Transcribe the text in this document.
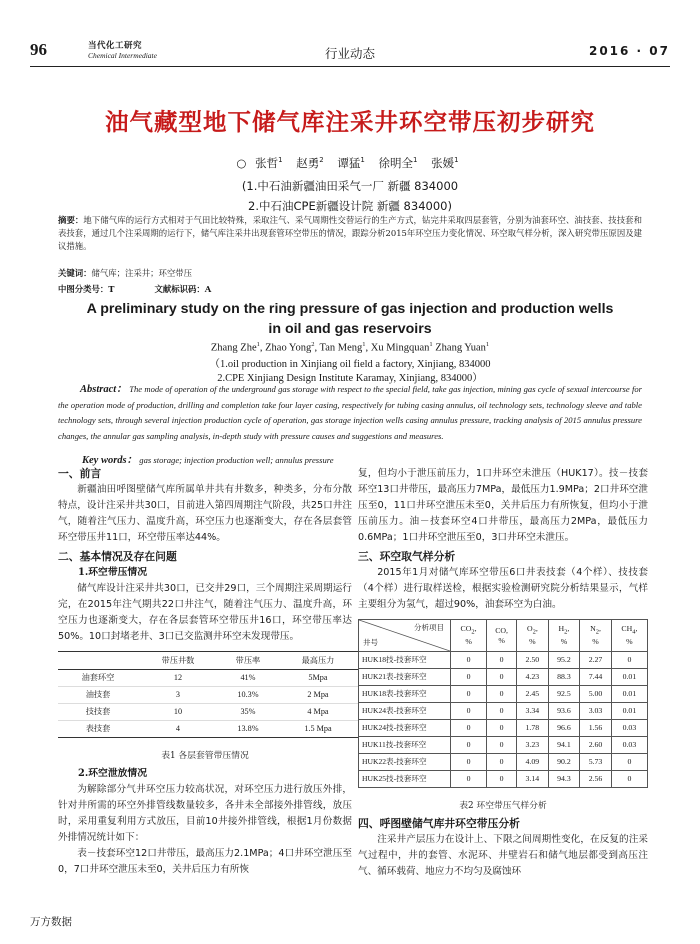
96	当代化工研究
Chemical Intermediate	行业动态	2016 · 07
油气藏型地下储气库注采井环空带压初步研究
○ 张哲$^1$ 赵勇$^2$ 谭猛$^1$ 徐明全$^1$ 张媛$^1$
(1.中石油新疆油田采气一厂 新疆 834000
2.中石油CPE新疆设计院 新疆 834000)
摘要：地下储气库的运行方式相对于气田比较特殊，采取注气、采气周期性交替运行的生产方式，钻完井采取四层套管，分别为油套环空、油技套、技技套和表技套，通过几个注采周期的运行下，储气库注采井出现套管环空带压的情况，跟踪分析2015年环空压力变化情况、环空取气样分析，深入研究带压原因及建议措施。
关键词：储气库；注采井；环空带压
中图分类号：T	文献标识码：A
A preliminary study on the ring pressure of gas injection and production wells
in oil and gas reservoirs
Zhang Zhe$^1$, Zhao Yong$^2$, Tan Meng$^1$, Xu Mingquan$^1$ Zhang Yuan$^1$
（1.oil production in Xinjiang oil field a factory, Xinjiang, 834000
2.CPE Xinjiang Design Institute Karamay, Xinjiang, 834000）
Abstract： The mode of operation of the underground gas storage with respect to the special field, take gas injection, mining gas cycle of sexual intercourse for the operation mode of production, drilling and completion take four layer casing, respectively for tubing casing annulus, oil technology sets, technology sleeve and table technology sets, through several injection production cycle of operation, gas storage injection wells casing annulus pressure, tracking analysis of 2015 annulus pressure changes, the annular gas sampling analysis, in-depth study with pressure causes and suggestions and measures.
Key words： gas storage; injection production well; annulus pressure
一、前言

新疆油田呼图壁储气库所属单井共有井数多，种类多，分布分散特点，设计注采井共30口，目前进入第四周期注气阶段，共25口井注气，随着注气压力、温度升高，环空压力也逐渐变大，存在各层套管环空带压井11口，环空带压率达44%。

二、基本情况及存在问题
1.环空带压情况

储气库设计注采井共30口，已交井29口，三个周期注采周期运行完，在2015年注气期共22口井注气，随着注气压力、温度升高，环空压力也逐渐变大，存在各层套管环空带压井16口，环空带压率达50%。10口封堵老井、3口已交监测井环空未发现带压。

	带压井数	带压率	最高压力
油套环空	12	41%	5Mpa
油技套	3	10.3%	2 Mpa
技技套	10	35%	4 Mpa
表技套	4	13.8%	1.5 Mpa
表1 各层套管带压情况
2.环空泄放情况

为解除部分气井环空压力较高状况，对环空压力进行放压外排，针对井所需的环空外排管线数量较多，各井未全部接外排管线，放压时，采用重复利用方式放压，目前10井接外排管线，根据1月份数据外排情况统计如下：

表－技套环空12口井带压，最高压力2.1MPa；4口井环空泄压至0，7口井环空泄压未至0，关井后压力有所恢

复，但均小于泄压前压力，1口井环空未泄压（HUK17）。技－技套环空13口井带压，最高压力7MPa，最低压力1.9MPa；2口井环空泄压至0，11口井环空泄压未至0，关井后压力有所恢复，但均小于泄压前压力。油－技套环空4口井带压，最高压力2MPa，最低压力0.6MPa；1口井环空泄压至0，3口井环空未泄压。

三、环空取气样分析

2015年1月对储气库环空带压6口井表技套（4个样）、技技套（4个样）进行取样送检，根据实验检测研究院分析结果显示，气样主要组分为氢气，超过90%，油套环空为白油。

分析项目
井号	$CO_2$,
%	CO,
%	$O_2$,
%	$H_2$,
%	$N_2$,
%	$CH_4$,
%
HUK18技-技套环空	0	0	2.50	95.2	2.27	0
HUK21表-技套环空	0	0	4.23	88.3	7.44	0.01
HUK18表-技套环空	0	0	2.45	92.5	5.00	0.01
HUK24表-技套环空	0	0	3.34	93.6	3.03	0.01
HUK24技-技套环空	0	0	1.78	96.6	1.56	0.03
HUK11技-技套环空	0	0	3.23	94.1	2.60	0.03
HUK22表-技套环空	0	0	4.09	90.2	5.73	0
HUK25技-技套环空	0	0	3.14	94.3	2.56	0
表2 环空带压气样分析
四、呼图壁储气库井环空带压分析

注采井产层压力在设计上、下限之间周期性变化，在反复的注采气过程中，井的套管、水泥环、井壁岩石和储气地层都受到高压注气、循环载荷、地应力不均匀及腐蚀环

万方数据
